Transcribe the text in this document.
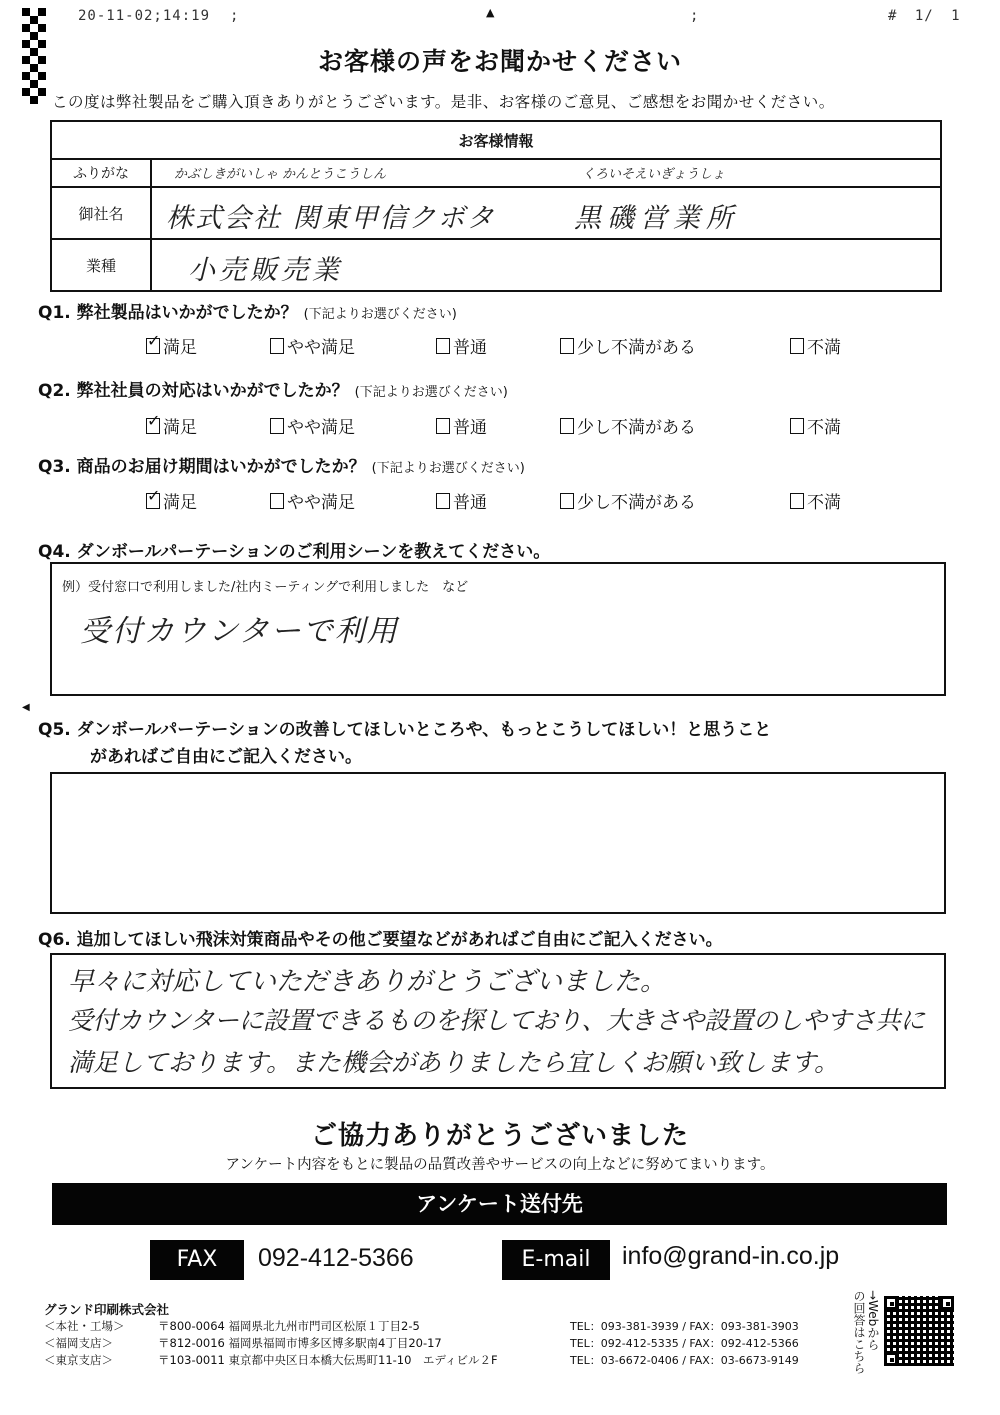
20-11-02;14:19 ;	▲	;	# 1/ 1
お客様の声をお聞かせください
この度は弊社製品をご購入頂きありがとうございます。是非、お客様のご意見、ご感想をお聞かせください。
お客様情報	
ふりがな	かぶしきがいしゃ かんとうこうしん くろいそえいぎょうしょ

御社名	株式会社 関東甲信クボタ 黒磯営業所

業種	小売販売業
Q1. 弊社製品はいかがでしたか？ (下記よりお選びください)
✓満足	やや満足	普通	少し不満がある	不満
Q2. 弊社社員の対応はいかがでしたか？ (下記よりお選びください)
✓満足	やや満足	普通	少し不満がある	不満
Q3. 商品のお届け期間はいかがでしたか？ (下記よりお選びください)
✓満足	やや満足	普通	少し不満がある	不満
Q4. ダンボールパーテーションのご利用シーンを教えてください。
例）受付窓口で利用しました/社内ミーティングで利用しました　など
受付カウンターで利用
◀
Q5. ダンボールパーテーションの改善してほしいところや、もっとこうしてほしい！と思うこと
があればご自由にご記入ください。
Q6. 追加してほしい飛沫対策商品やその他ご要望などがあればご自由にご記入ください。
早々に対応していただきありがとうございました。
受付カウンターに設置できるものを探しており、大きさや設置のしやすさ共に
満足しております。また機会がありましたら宜しくお願い致します。
ご協力ありがとうございました
アンケート内容をもとに製品の品質改善やサービスの向上などに努めてまいります。
アンケート送付先
FAX	092-412-5366	E-mail	info@grand-in.co.jp
グランド印刷株式会社
＜本社・工場＞	〒800-0064 福岡県北九州市門司区松原１丁目2-5	TEL：093-381-3939 / FAX：093-381-3903
＜福岡支店＞	〒812-0016 福岡県福岡市博多区博多駅南4丁目20-17	TEL：092-412-5335 / FAX：092-412-5366
＜東京支店＞	〒103-0011 東京都中央区日本橋大伝馬町11-10　エディビル２F	TEL：03-6672-0406 / FAX：03-6673-9149
→Webから
の回答はこちら
